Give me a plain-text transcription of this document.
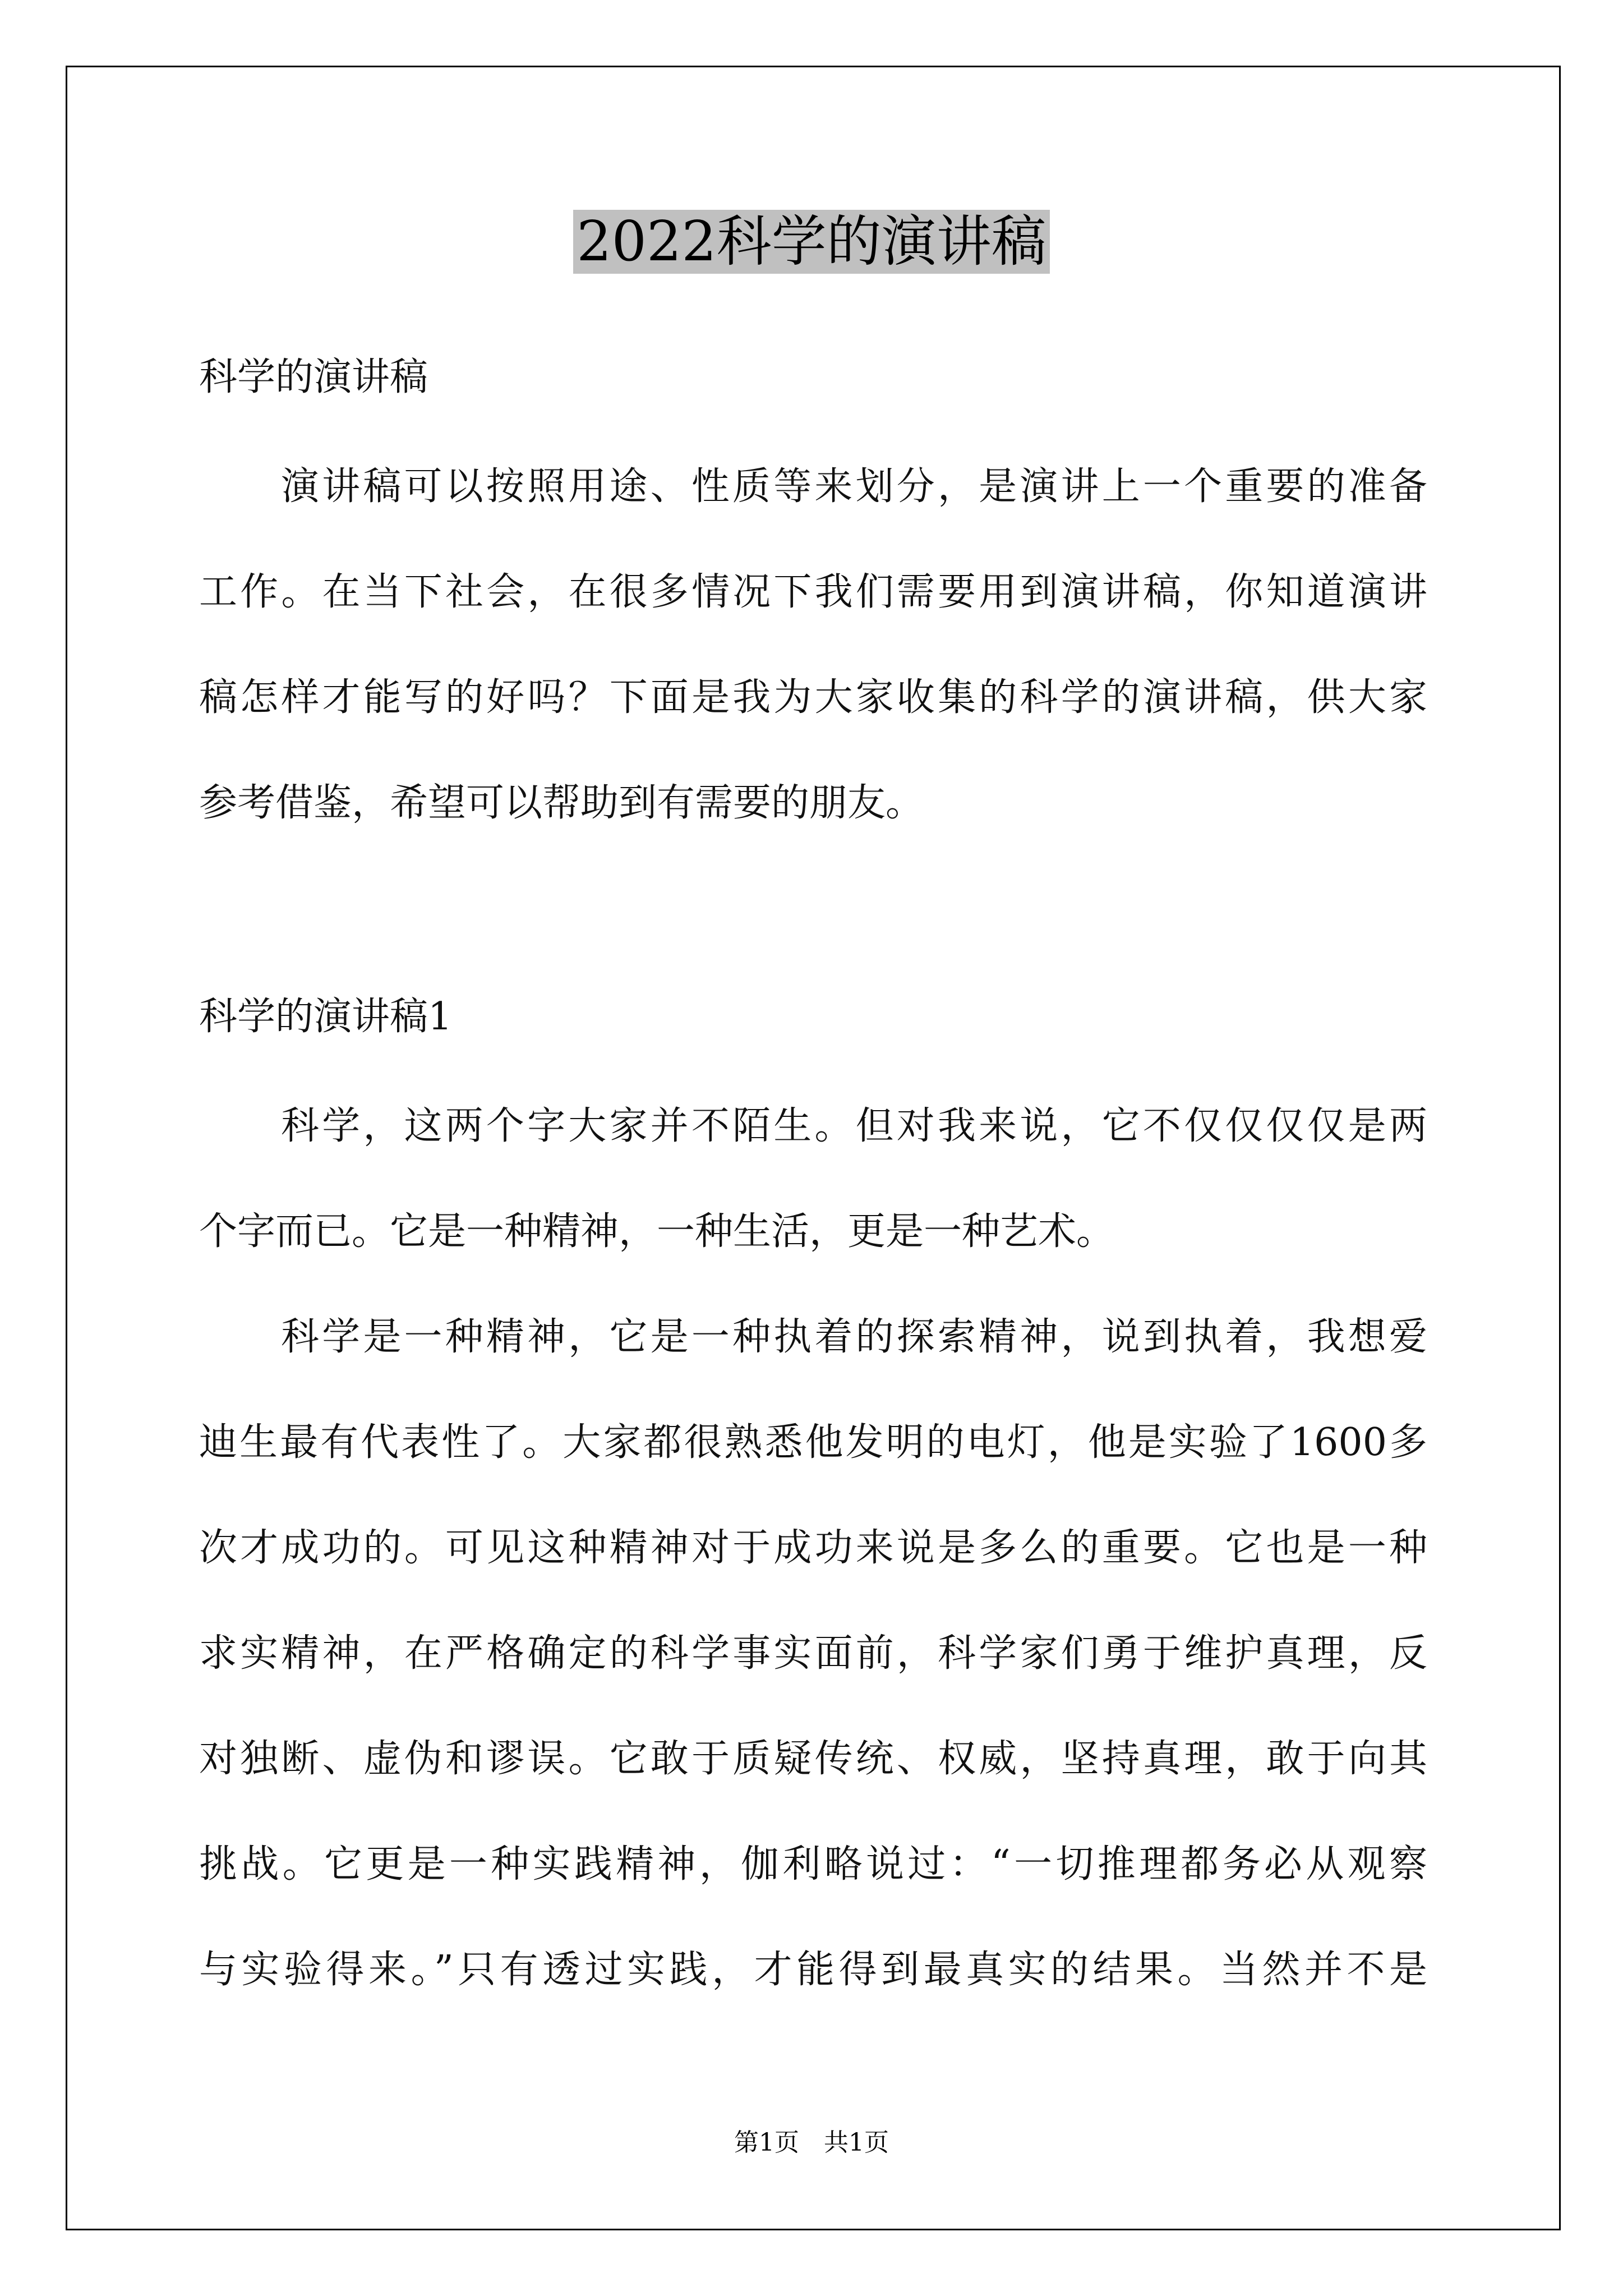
2022科学的演讲稿
科学的演讲稿
演讲稿可以按照用途、性质等来划分，是演讲上一个重要的准备
工作。在当下社会，在很多情况下我们需要用到演讲稿，你知道演讲
稿怎样才能写的好吗？下面是我为大家收集的科学的演讲稿，供大家
参考借鉴，希望可以帮助到有需要的朋友。
科学的演讲稿1
科学，这两个字大家并不陌生。但对我来说，它不仅仅仅仅是两
个字而已。它是一种精神，一种生活，更是一种艺术。
科学是一种精神，它是一种执着的探索精神，说到执着，我想爱
迪生最有代表性了。大家都很熟悉他发明的电灯，他是实验了1600多
次才成功的。可见这种精神对于成功来说是多么的重要。它也是一种
求实精神，在严格确定的科学事实面前，科学家们勇于维护真理，反
对独断、虚伪和谬误。它敢于质疑传统、权威，坚持真理，敢于向其
挑战。它更是一种实践精神，伽利略说过：“一切推理都务必从观察
与实验得来。”只有透过实践，才能得到最真实的结果。当然并不是
第1页　共1页
